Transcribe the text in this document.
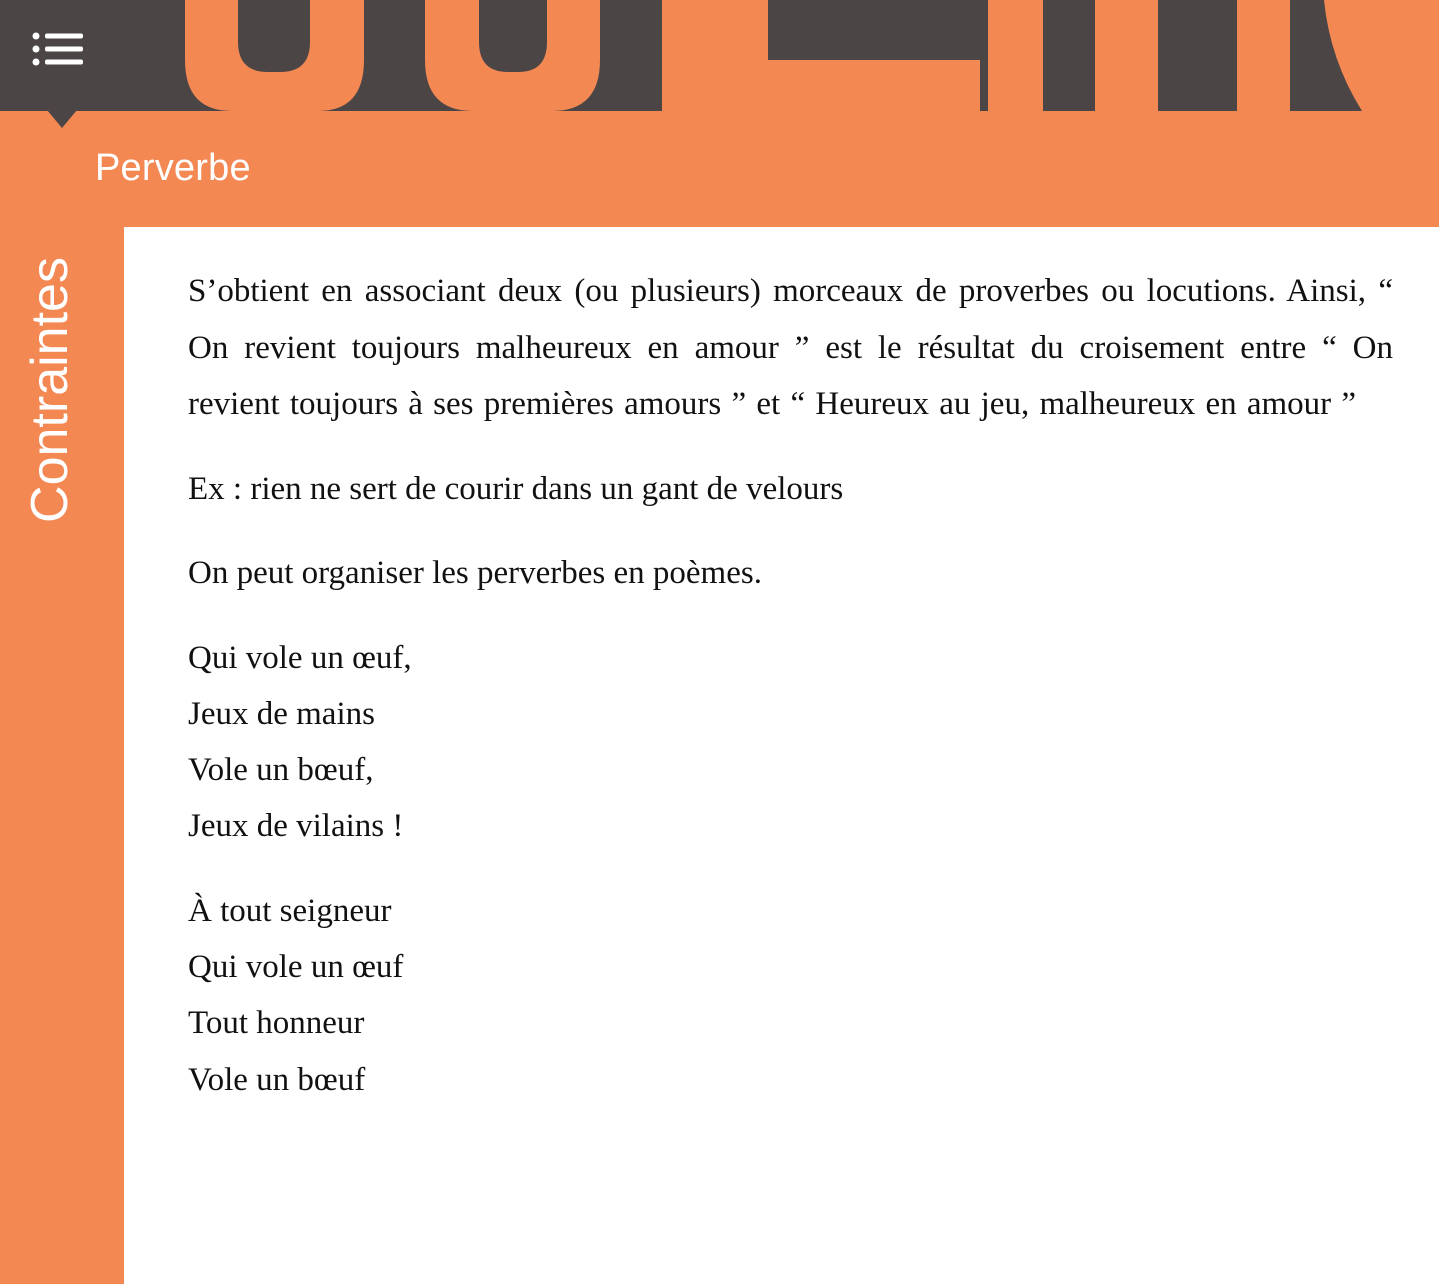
Perverbe
Contraintes	S’obtient en associant deux (ou plusieurs) morceaux de proverbes ou locutions. Ainsi, “ On revient toujours malheureux en amour ” est le résultat du croisement entre “ On revient toujours à ses premières amours ” et “ Heureux au jeu, malheureux en amour ”

Ex : rien ne sert de courir dans un gant de velours

On peut organiser les perverbes en poèmes.

Qui vole un œuf,
Jeux de mains
Vole un bœuf,
Jeux de vilains !
À tout seigneur
Qui vole un œuf
Tout honneur
Vole un bœuf
